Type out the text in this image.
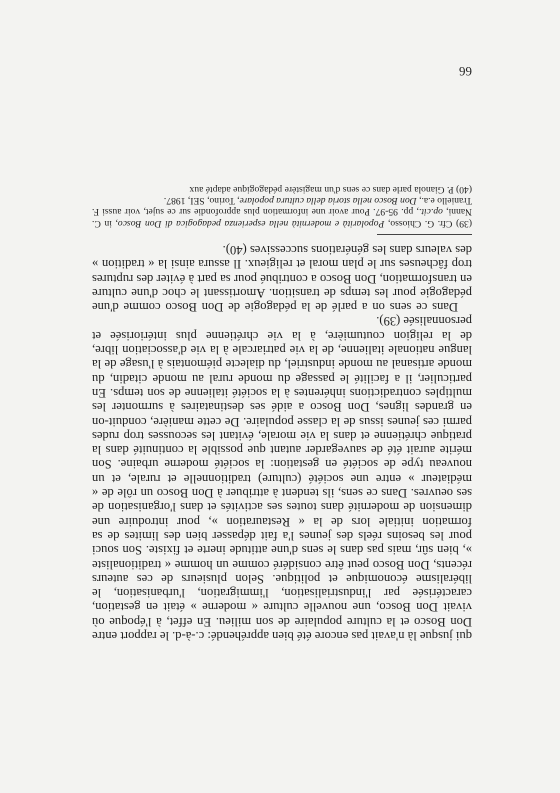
qui jusque là n'avait pas encore été bien appréhendé: c.-à-d. le rapport entre Don Bosco et la culture populaire de son milieu. En effet, à l'époque où vivait Don Bosco, une nouvelle culture « moderne » était en gestation, caractérisée par l'industrialisation, l'immigration, l'urbanisation, le libéralisme économique et politique. Selon plusieurs de ces auteurs récents, Don Bosco peut être considéré comme un homme « traditionaliste », bien sûr, mais pas dans le sens d'une attitude inerte et fixiste. Son souci pour les besoins réels des jeunes l'a fait dépasser bien des limites de sa formation initiale lors de la « Restauration », pour introduire une dimension de modernité dans toutes ses activités et dans l'organisation de ses oeuvres. Dans ce sens, ils tendent à attribuer à Don Bosco un rôle de « médiateur » entre une société (culture) traditionnelle et rurale, et un nouveau type de société en gestation: la société moderne urbaine. Son mérite aurait été de sauvegarder autant que possible la continuité dans la pratique chrétienne et dans la vie morale, évitant les secousses trop rudes parmi ces jeunes issus de la classe populaire. De cette manière, conduit-on en grandes lignes, Don Bosco a aidé ses destinataires à surmonter les multiples contradictions inhérentes à la société italienne de son temps. En particulier, il a facilité le passage du monde rural au monde citadin, du monde artisanal au monde industriel, du dialecte piémontais à l'usage de la langue nationale italienne, de la vie patriarcale à la vie d'association libre, de la religion coutumière, à la vie chrétienne plus intériorisée et personnalisée (39).

Dans ce sens on a parlé de la pédagogie de Don Bosco comme d'une pédagogie pour les temps de transition. Amortissant le choc d'une culture en transformation, Don Bosco a contribué pour sa part à éviter des ruptures trop fâcheuses sur le plan moral et religieux. Il assura ainsi la « tradition » des valeurs dans les générations successives (40).

(39) Cfr. G. Chiosso, Popolarità e modernità nella esperienza pedagogica di Don Bosco, in C. Nanni, op.cit., pp. 95-97. Pour avoir une information plus approfondie sur ce sujet, voir aussi F. Traniello e.a., Don Bosco nella storia della cultura popolare, Torino, SEI, 1987.

(40) P. Gianola parle dans ce sens d'un magistère pédagogique adapté aux

66
